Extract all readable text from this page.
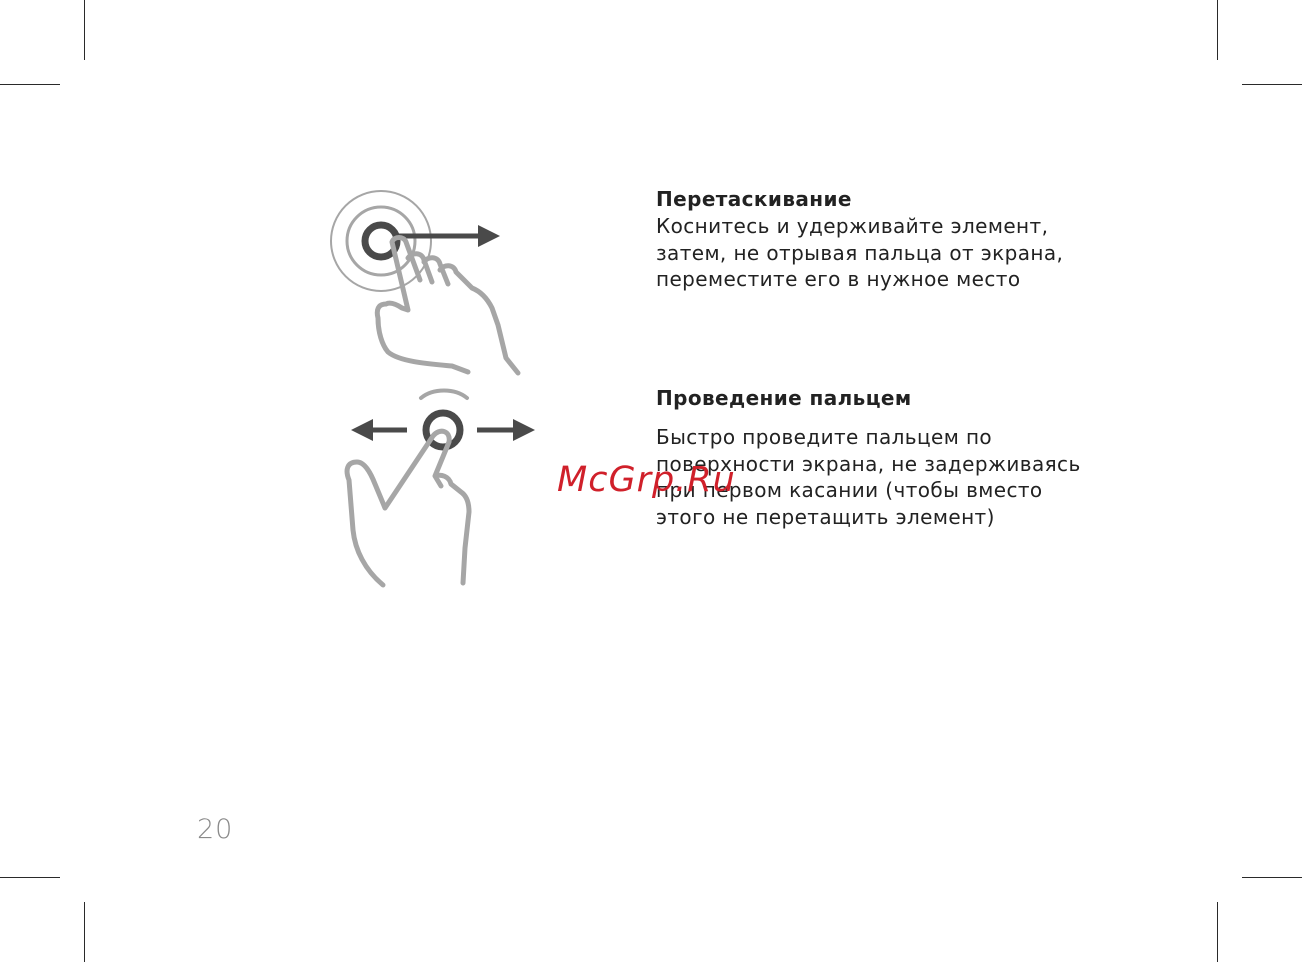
Перетаскивание

Коснитесь и удерживайте элемент,
затем, не отрывая пальца от экрана,
переместите его в нужное место

Проведение пальцем

Быстро проведите пальцем по
поверхности экрана, не задерживаясь
при первом касании (чтобы вместо
этого не перетащить элемент)

McGrp.Ru
20
